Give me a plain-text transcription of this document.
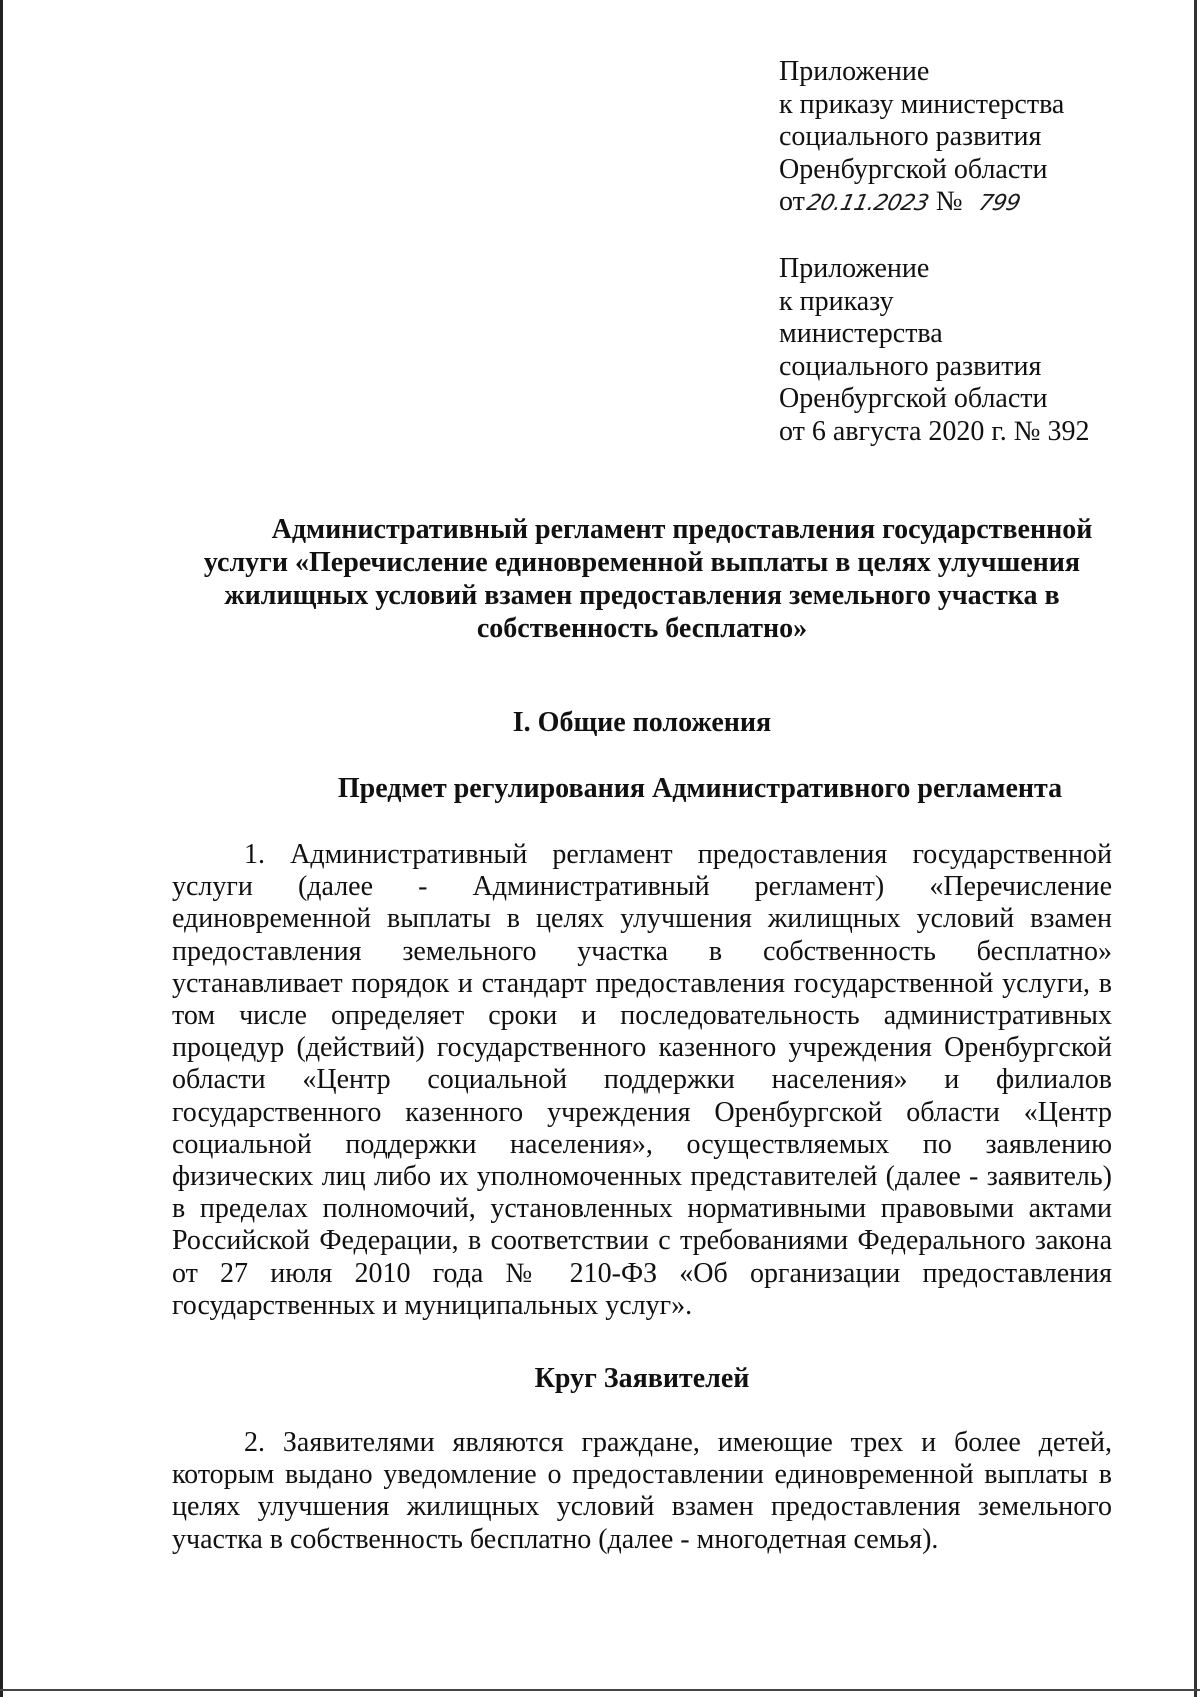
Приложение
к приказу министерства
социального развития
Оренбургской области
от 20.11.2023 № 799
Приложение
к приказу
министерства
социального развития
Оренбургской области
от 6 августа 2020 г. № 392
Административный регламент предоставления государственной
услуги «Перечисление единовременной выплаты в целях улучшения
жилищных условий взамен предоставления земельного участка в
собственность бесплатно»
I. Общие положения
Предмет регулирования Административного регламента
1. Административный регламент предоставления государственной
услуги (далее - Административный регламент) «Перечисление
единовременной выплаты в целях улучшения жилищных условий взамен
предоставления земельного участка в собственность бесплатно»
устанавливает порядок и стандарт предоставления государственной услуги, в
том числе определяет сроки и последовательность административных
процедур (действий) государственного казенного учреждения Оренбургской
области «Центр социальной поддержки населения» и филиалов
государственного казенного учреждения Оренбургской области «Центр
социальной поддержки населения», осуществляемых по заявлению
физических лиц либо их уполномоченных представителей (далее - заявитель)
в пределах полномочий, установленных нормативными правовыми актами
Российской Федерации, в соответствии с требованиями Федерального закона
от 27 июля 2010 года № 210-ФЗ «Об организации предоставления
государственных и муниципальных услуг».
Круг Заявителей
2. Заявителями являются граждане, имеющие трех и более детей,
которым выдано уведомление о предоставлении единовременной выплаты в
целях улучшения жилищных условий взамен предоставления земельного
участка в собственность бесплатно (далее - многодетная семья).
